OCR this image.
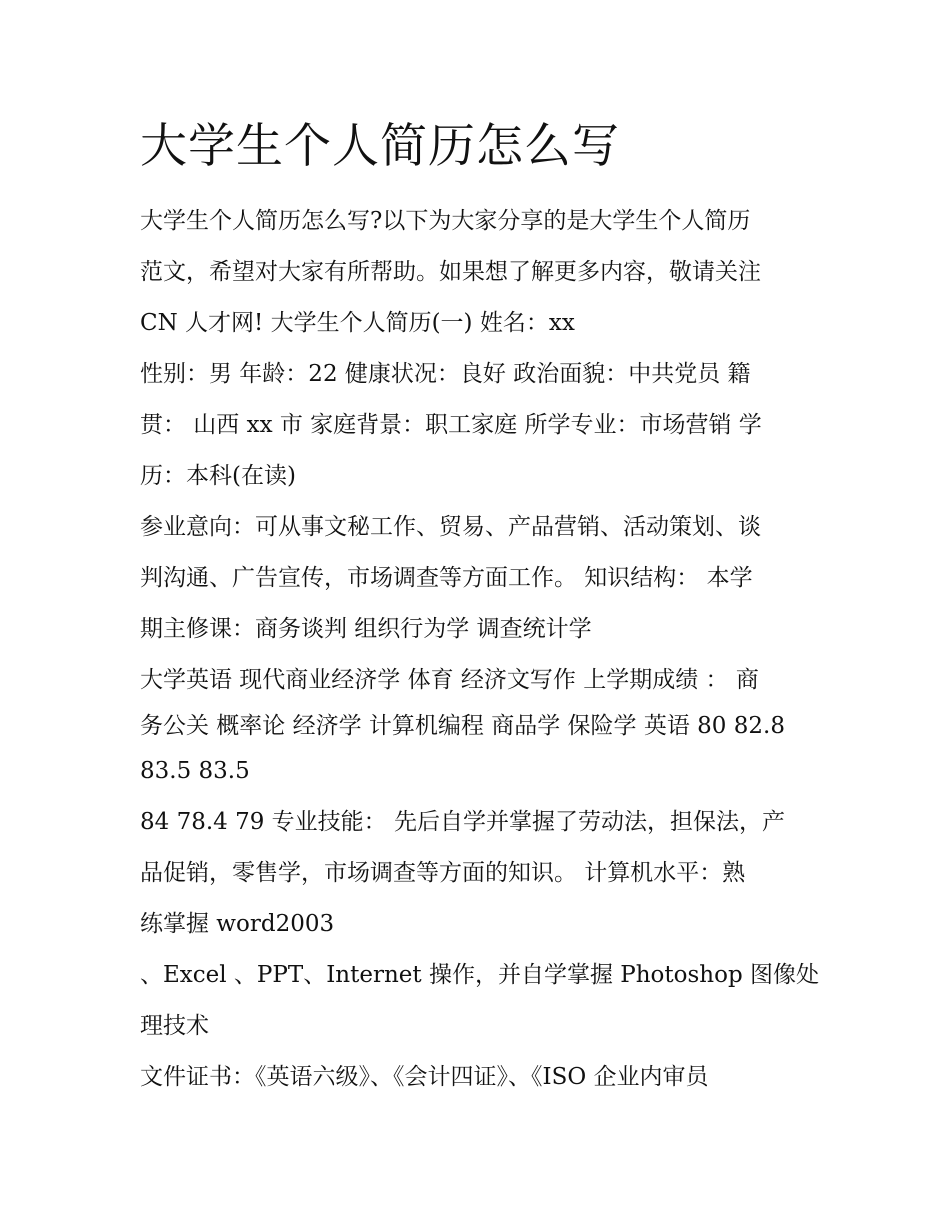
大学生个人简历怎么写

大学生个人简历怎么写?以下为大家分享的是大学生个人简历

范文，希望对大家有所帮助。如果想了解更多内容，敬请关注

CN 人才网! 大学生个人简历(一) 姓名：xx

性别：男 年龄：22 健康状况：良好 政治面貌：中共党员 籍

贯： 山西 xx 市 家庭背景：职工家庭 所学专业：市场营销 学

历：本科(在读)

参业意向：可从事文秘工作、贸易、产品营销、活动策划、谈

判沟通、广告宣传，市场调查等方面工作。 知识结构： 本学

期主修课：商务谈判 组织行为学 调查统计学

大学英语 现代商业经济学 体育 经济文写作 上学期成绩 ： 商

务公关 概率论 经济学 计算机编程 商品学 保险学 英语 80 82.8

83.5 83.5

84 78.4 79 专业技能： 先后自学并掌握了劳动法，担保法，产

品促销，零售学，市场调查等方面的知识。 计算机水平：熟

练掌握 word2003

、Excel 、PPT、Internet 操作，并自学掌握 Photoshop 图像处

理技术

文件证书：《英语六级》、《会计四证》、《ISO 企业内审员
